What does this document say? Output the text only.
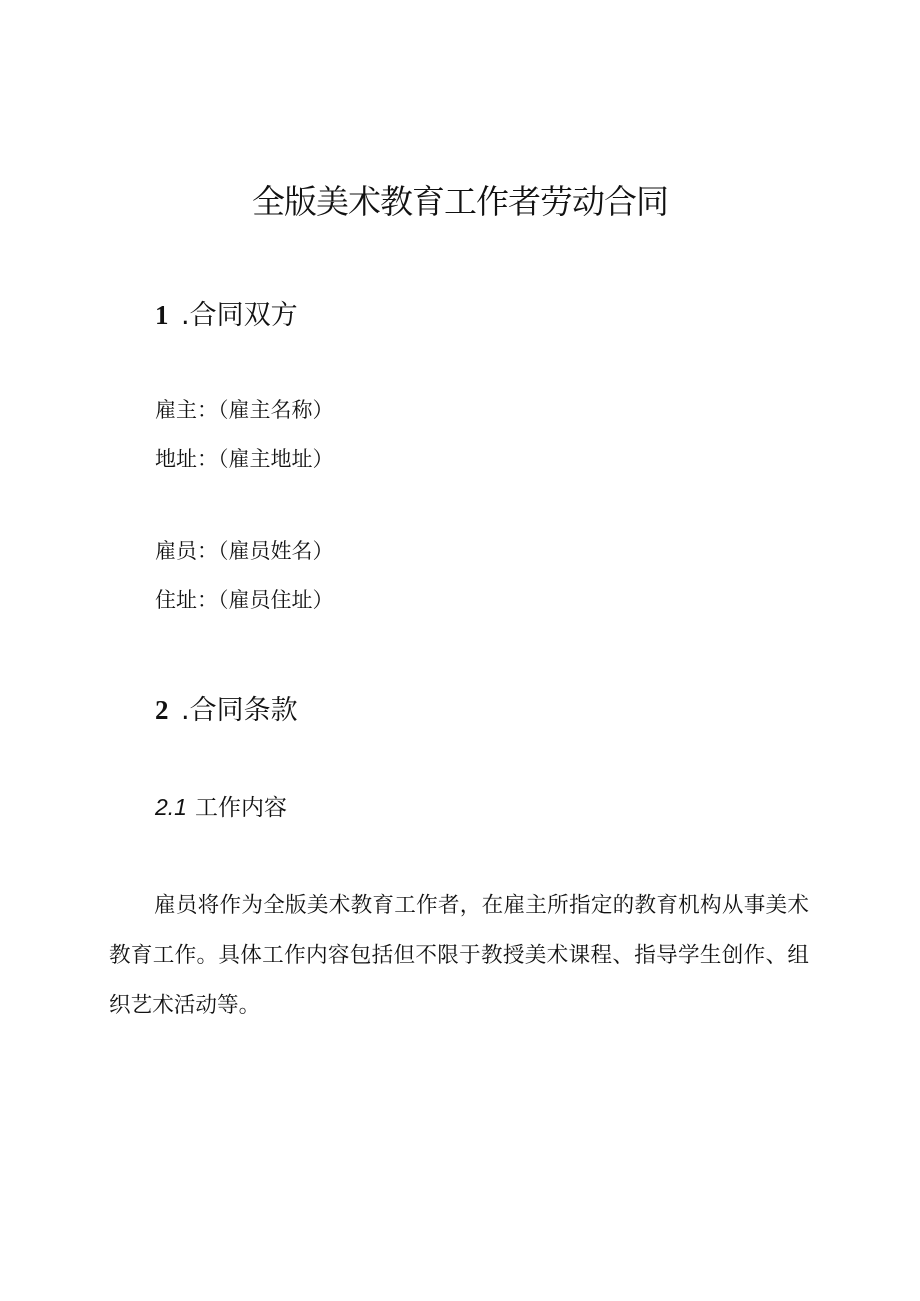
全版美术教育工作者劳动合同
1 .合同双方
雇主：（雇主名称）
地址：（雇主地址）
雇员：（雇员姓名）
住址：（雇员住址）
2 .合同条款
2.1 工作内容

雇员将作为全版美术教育工作者，在雇主所指定的教育机构从事美术教育工作。具体工作内容包括但不限于教授美术课程、指导学生创作、组织艺术活动等。
